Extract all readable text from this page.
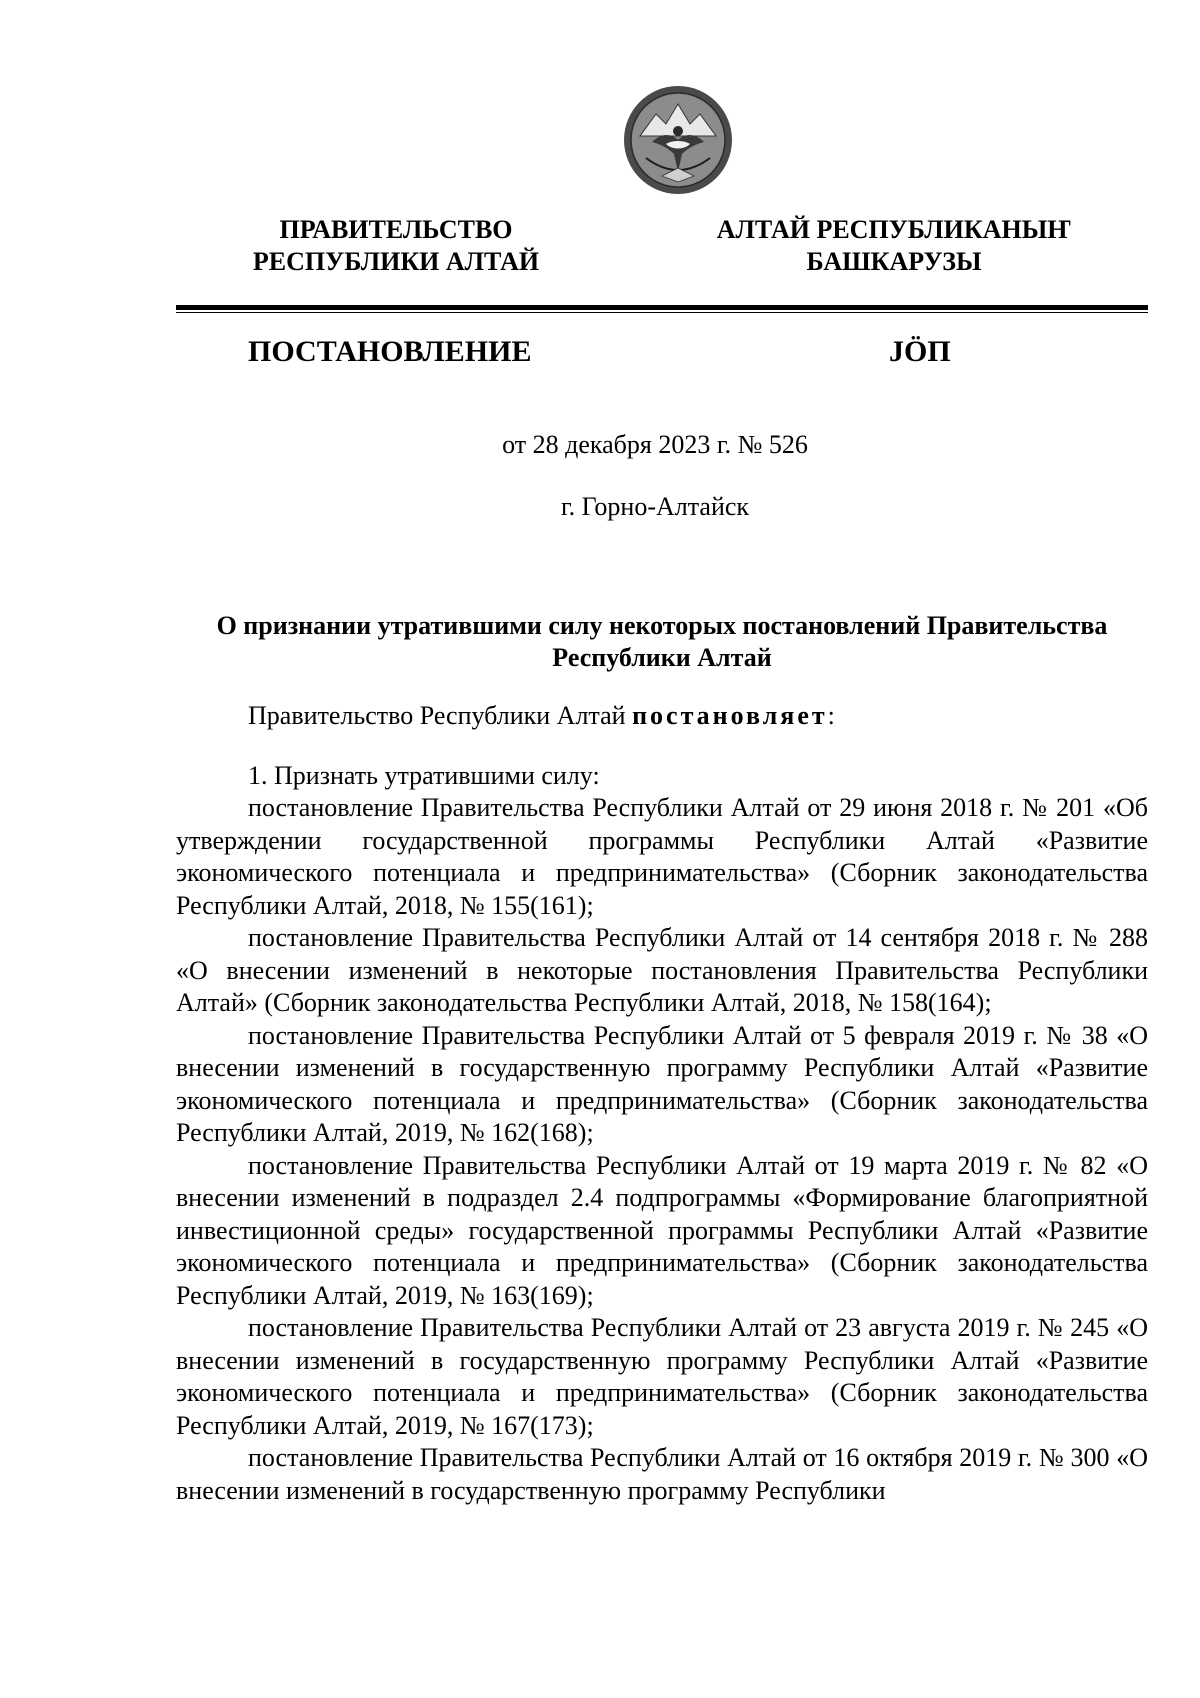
ПРАВИТЕЛЬСТВО
РЕСПУБЛИКИ АЛТАЙ
АЛТАЙ РЕСПУБЛИКАНЫҤ
БАШКАРУЗЫ
ПОСТАНОВЛЕНИЕ	JÖП
от 28 декабря 2023 г. № 526
г. Горно-Алтайск
О признании утратившими силу некоторых постановлений Правительства
Республики Алтай

Правительство Республики Алтай постановляет:

1. Признать утратившими силу:

постановление Правительства Республики Алтай от 29 июня 2018 г. № 201 «Об утверждении государственной программы Республики Алтай «Развитие экономического потенциала и предпринимательства» (Сборник законодательства Республики Алтай, 2018, № 155(161);

постановление Правительства Республики Алтай от 14 сентября 2018 г. № 288 «О внесении изменений в некоторые постановления Правительства Республики Алтай» (Сборник законодательства Республики Алтай, 2018, № 158(164);

постановление Правительства Республики Алтай от 5 февраля 2019 г. № 38 «О внесении изменений в государственную программу Республики Алтай «Развитие экономического потенциала и предпринимательства» (Сборник законодательства Республики Алтай, 2019, № 162(168);

постановление Правительства Республики Алтай от 19 марта 2019 г. № 82 «О внесении изменений в подраздел 2.4 подпрограммы «Формирование благоприятной инвестиционной среды» государственной программы Республики Алтай «Развитие экономического потенциала и предпринимательства» (Сборник законодательства Республики Алтай, 2019, № 163(169);

постановление Правительства Республики Алтай от 23 августа 2019 г. № 245 «О внесении изменений в государственную программу Республики Алтай «Развитие экономического потенциала и предпринимательства» (Сборник законодательства Республики Алтай, 2019, № 167(173);

постановление Правительства Республики Алтай от 16 октября 2019 г. № 300 «О внесении изменений в государственную программу Республики
